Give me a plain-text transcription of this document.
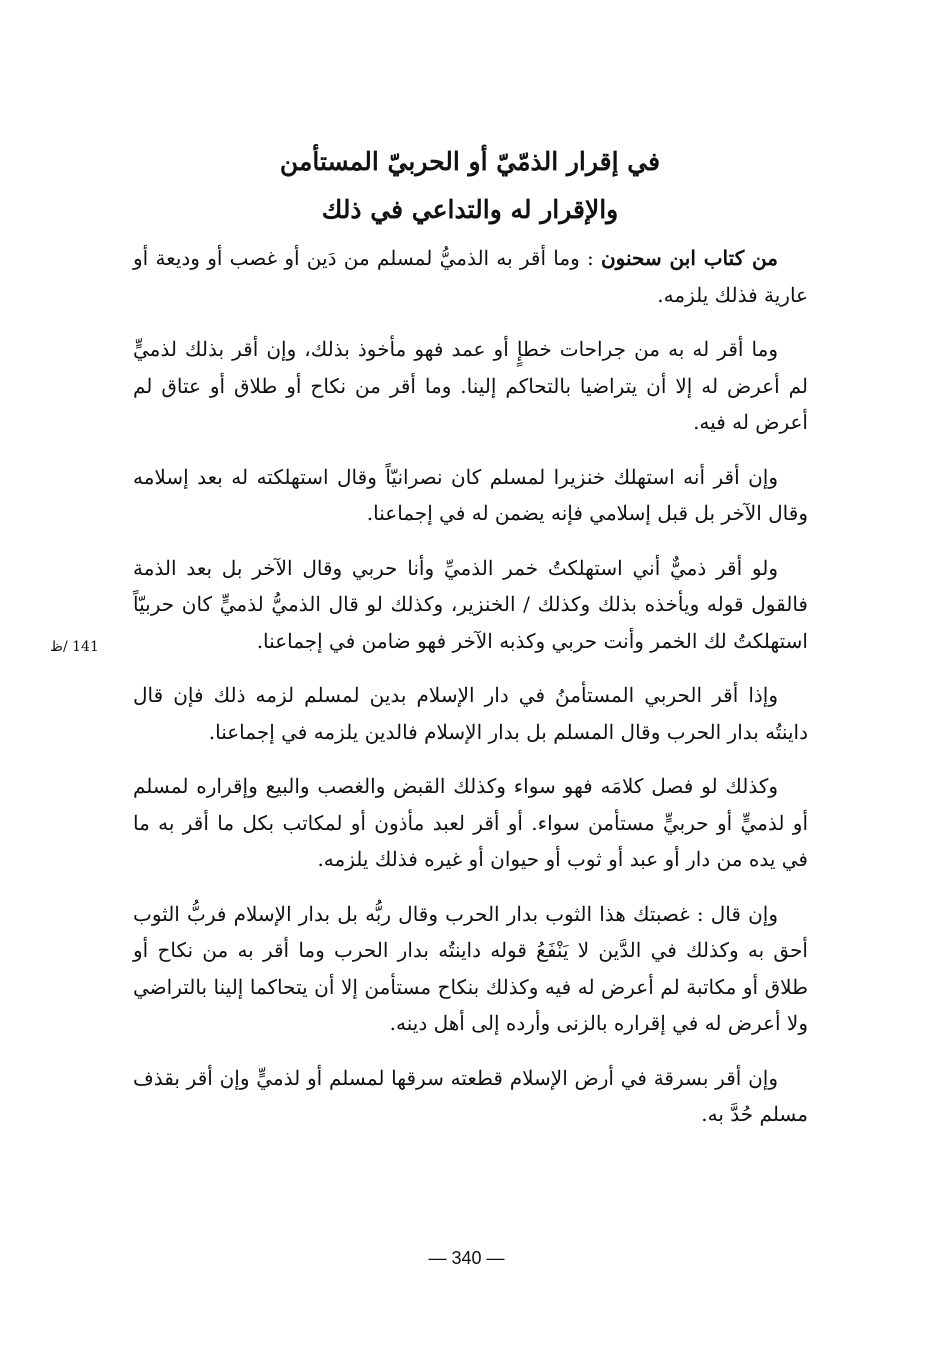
في إقرار الذمّيّ أو الحربيّ المستأمن
والإقرار له والتداعي في ذلك

من كتاب ابن سحنون : وما أقر به الذميُّ لمسلم من دَين أو غصب أو وديعة أو عارية فذلك يلزمه.

وما أقر له به من جراحات خطإٍ أو عمد فهو مأخوذ بذلك، وإن أقر بذلك لذميٍّ لم أعرض له إلا أن يتراضيا بالتحاكم إلينا. وما أقر من نكاح أو طلاق أو عتاق لم أعرض له فيه.

وإن أقر أنه استهلك خنزيرا لمسلم كان نصرانيّاً وقال استهلكته له بعد إسلامه وقال الآخر بل قبل إسلامي فإنه يضمن له في إجماعنا.

ولو أقر ذميٌّ أني استهلكتُ خمر الذميِّ وأنا حربي وقال الآخر بل بعد الذمة فالقول قوله ويأخذه بذلك وكذلك / الخنزير، وكذلك لو قال الذميُّ لذميٍّ كان حربيّاً استهلكتُ لك الخمر وأنت حربي وكذبه الآخر فهو ضامن في إجماعنا.

وإذا أقر الحربي المستأمنُ في دار الإسلام بدين لمسلم لزمه ذلك فإن قال داينتُه بدار الحرب وقال المسلم بل بدار الإسلام فالدين يلزمه في إجماعنا.

وكذلك لو فصل كلامَه فهو سواء وكذلك القبض والغصب والبيع وإقراره لمسلم أو لذميٍّ أو حربيٍّ مستأمن سواء. أو أقر لعبد مأذون أو لمكاتب بكل ما أقر به ما في يده من دار أو عبد أو ثوب أو حيوان أو غيره فذلك يلزمه.

وإن قال : غصبتك هذا الثوب بدار الحرب وقال ربُّه بل بدار الإسلام فربُّ الثوب أحق به وكذلك في الدَّين لا يَنْفَعُ قوله داينتُه بدار الحرب وما أقر به من نكاح أو طلاق أو مكاتبة لم أعرض له فيه وكذلك بنكاح مستأمن إلا أن يتحاكما إلينا بالتراضي ولا أعرض له في إقراره بالزنى وأرده إلى أهل دينه.

وإن أقر بسرقة في أرض الإسلام قطعته سرقها لمسلم أو لذميٍّ وإن أقر بقذف مسلم حُدَّ به.

141 /ظ
— 340 —
